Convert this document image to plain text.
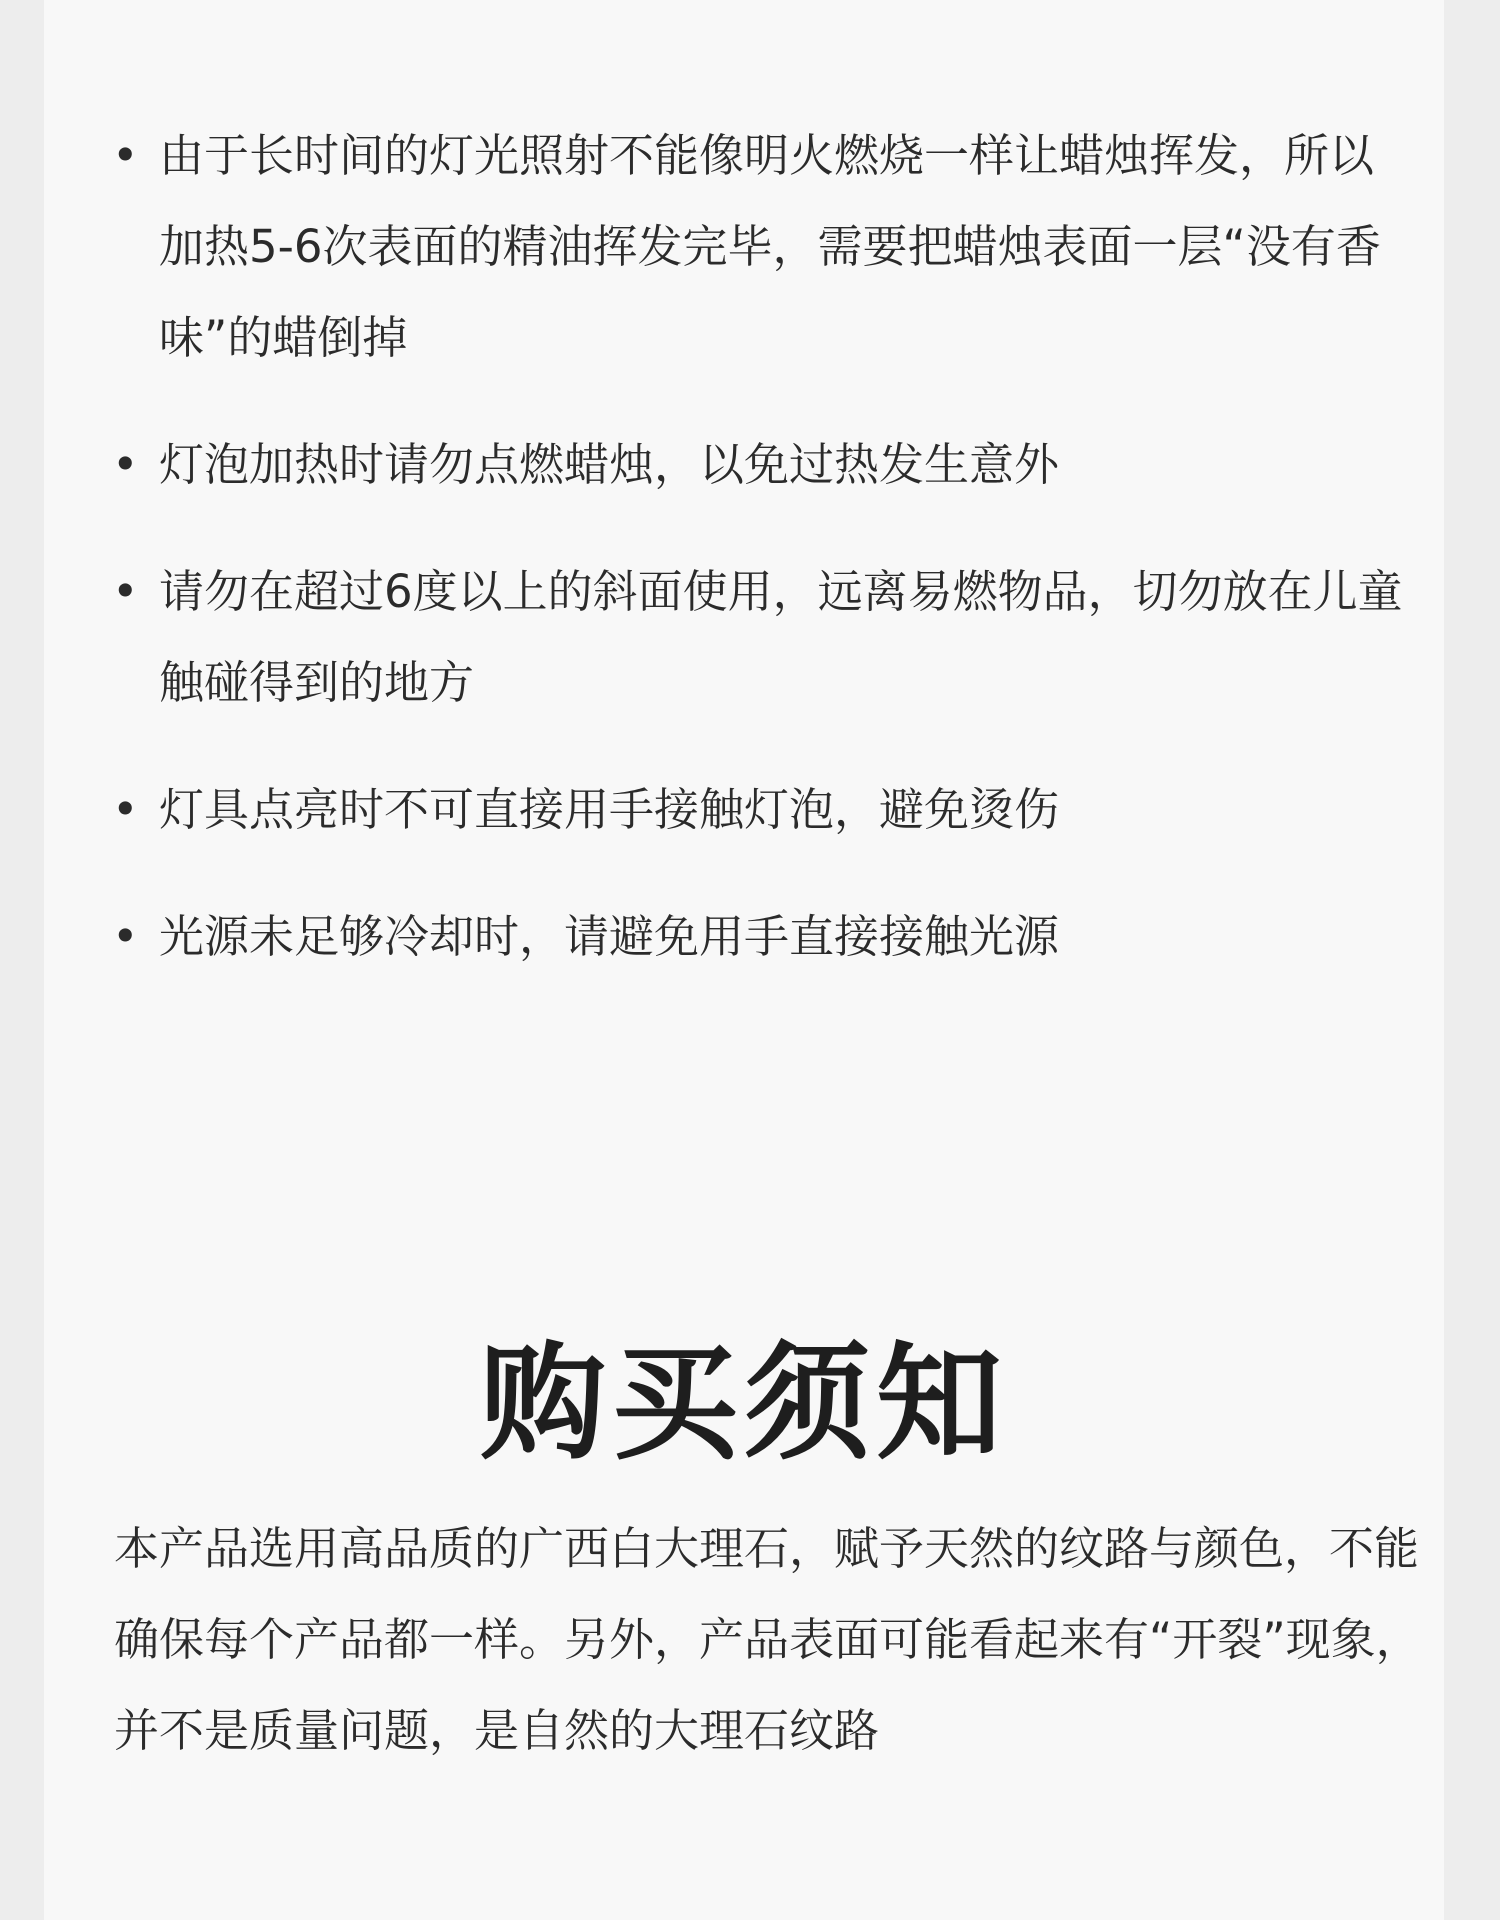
• 由于长时间的灯光照射不能像明火燃烧一样让蜡烛挥发，所以加热5-6次表面的精油挥发完毕，需要把蜡烛表面一层“没有香味”的蜡倒掉
• 灯泡加热时请勿点燃蜡烛，以免过热发生意外
• 请勿在超过6度以上的斜面使用，远离易燃物品，切勿放在儿童触碰得到的地方
• 灯具点亮时不可直接用手接触灯泡，避免烫伤
• 光源未足够冷却时，请避免用手直接接触光源
购买须知

本产品选用高品质的广西白大理石，赋予天然的纹路与颜色，不能确保每个产品都一样。另外，产品表面可能看起来有“开裂”现象，并不是质量问题，是自然的大理石纹路
